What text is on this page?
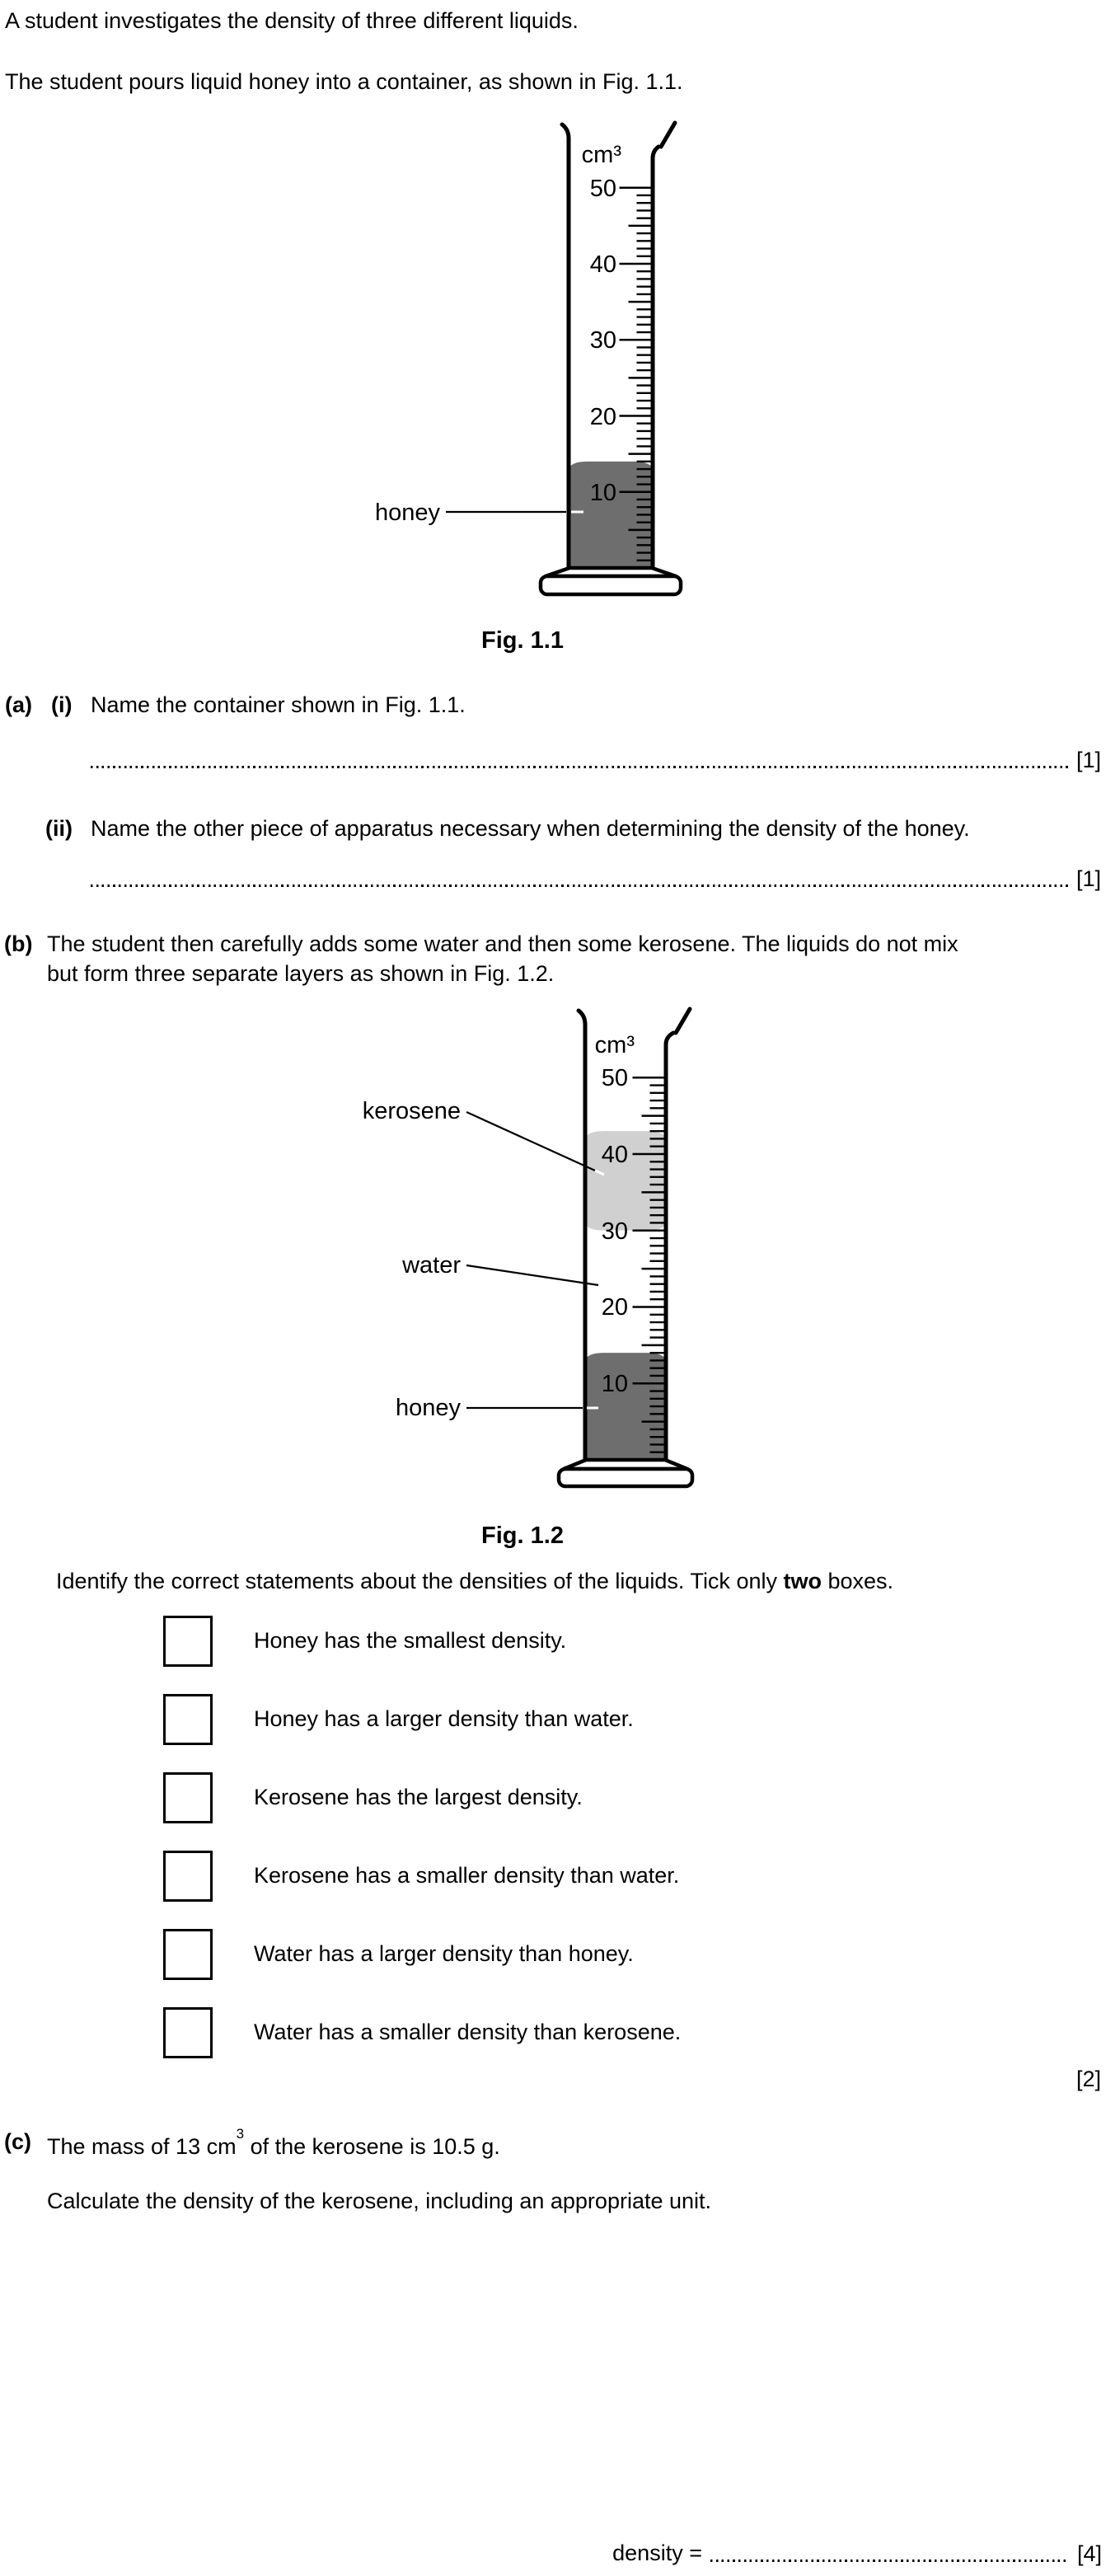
A student investigates the density of three different liquids.
The student pours liquid honey into a container, as shown in Fig. 1.1.
cm³
50
40
30
20
10
honey
Fig. 1.1
(a) (i) Name the container shown in Fig. 1.1.
[1]
(ii) Name the other piece of apparatus necessary when determining the density of the honey.
[1]
(b) The student then carefully adds some water and then some kerosene. The liquids do not mix
but form three separate layers as shown in Fig. 1.2.
cm³
50
40
30
20
10
kerosene
water
honey
Fig. 1.2
Identify the correct statements about the densities of the liquids. Tick only two boxes.
Honey has the smallest density.
Honey has a larger density than water.
Kerosene has the largest density.
Kerosene has a smaller density than water.
Water has a larger density than honey.
Water has a smaller density than kerosene.
[2]
(c) The mass of 13 $cm^3$ of the kerosene is 10.5 g.
Calculate the density of the kerosene, including an appropriate unit.
density =	[4]
